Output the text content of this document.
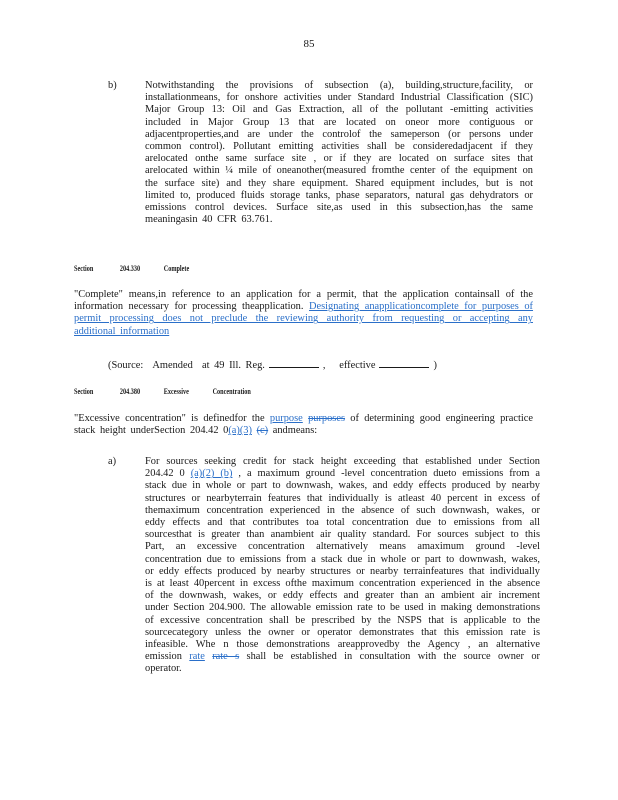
85
b)	Notwithstanding the provisions of subsection (a), building,structure,facility, or installationmeans, for onshore activities under Standard Industrial Classification (SIC) Major Group 13: Oil and Gas Extraction, all of the pollutant -emitting activities included in Major Group 13 that are located on oneor more contiguous or adjacentproperties,and are under the controlof the sameperson (or persons under common control). Pollutant emitting activities shall be consideredadjacent if they arelocated onthe same surface site , or if they are located on surface sites that arelocated within ¼ mile of oneanother(measured fromthe center of the equipment on the surface site) and they share equipment. Shared equipment includes, but is not limited to, produced fluids storage tanks, phase separators, natural gas dehydrators or emissions control devices. Surface site,as used in this subsection,has the same meaningasin 40 CFR 63.761.
Section	204.330	Complete
"Complete" means,in reference to an application for a permit, that the application containsall of the information necessary for processing theapplication. Designating anapplicationcomplete for purposes of permit processing does not preclude the reviewing authority from requesting or accepting any additional information
(Source: Amended at 49 Ill. Reg.	, effective	)
Section	204.380	Excessive	Concentration
"Excessive concentration" is definedfor the purpose purposes of determining good engineering practice stack height underSection 204.42 0(a)(3) (c) andmeans:
a)	For sources seeking credit for stack height exceeding that established under Section 204.42 0 (a)(2) (b) , a maximum ground -level concentration dueto emissions from a stack due in whole or part to downwash, wakes, and eddy effects produced by nearby structures or nearbyterrain features that individually is atleast 40 percent in excess of themaximum concentration experienced in the absence of such downwash, wakes, or eddy effects and that contributes toa total concentration due to emissions from all sourcesthat is greater than anambient air quality standard. For sources subject to this Part, an excessive concentration alternatively means amaximum ground -level concentration due to emissions from a stack due in whole or part to downwash, wakes, or eddy effects produced by nearby structures or nearby terrainfeatures that individually is at least 40percent in excess ofthe maximum concentration experienced in the absence of the downwash, wakes, or eddy effects and greater than an ambient air increment under Section 204.900. The allowable emission rate to be used in making demonstrations of excessive concentration shall be prescribed by the NSPS that is applicable to the sourcecategory unless the owner or operator demonstrates that this emission rate is infeasible. Whe n those demonstrations areapprovedby the Agency , an alternative emission rate rate s shall be established in consultation with the source owner or operator.
